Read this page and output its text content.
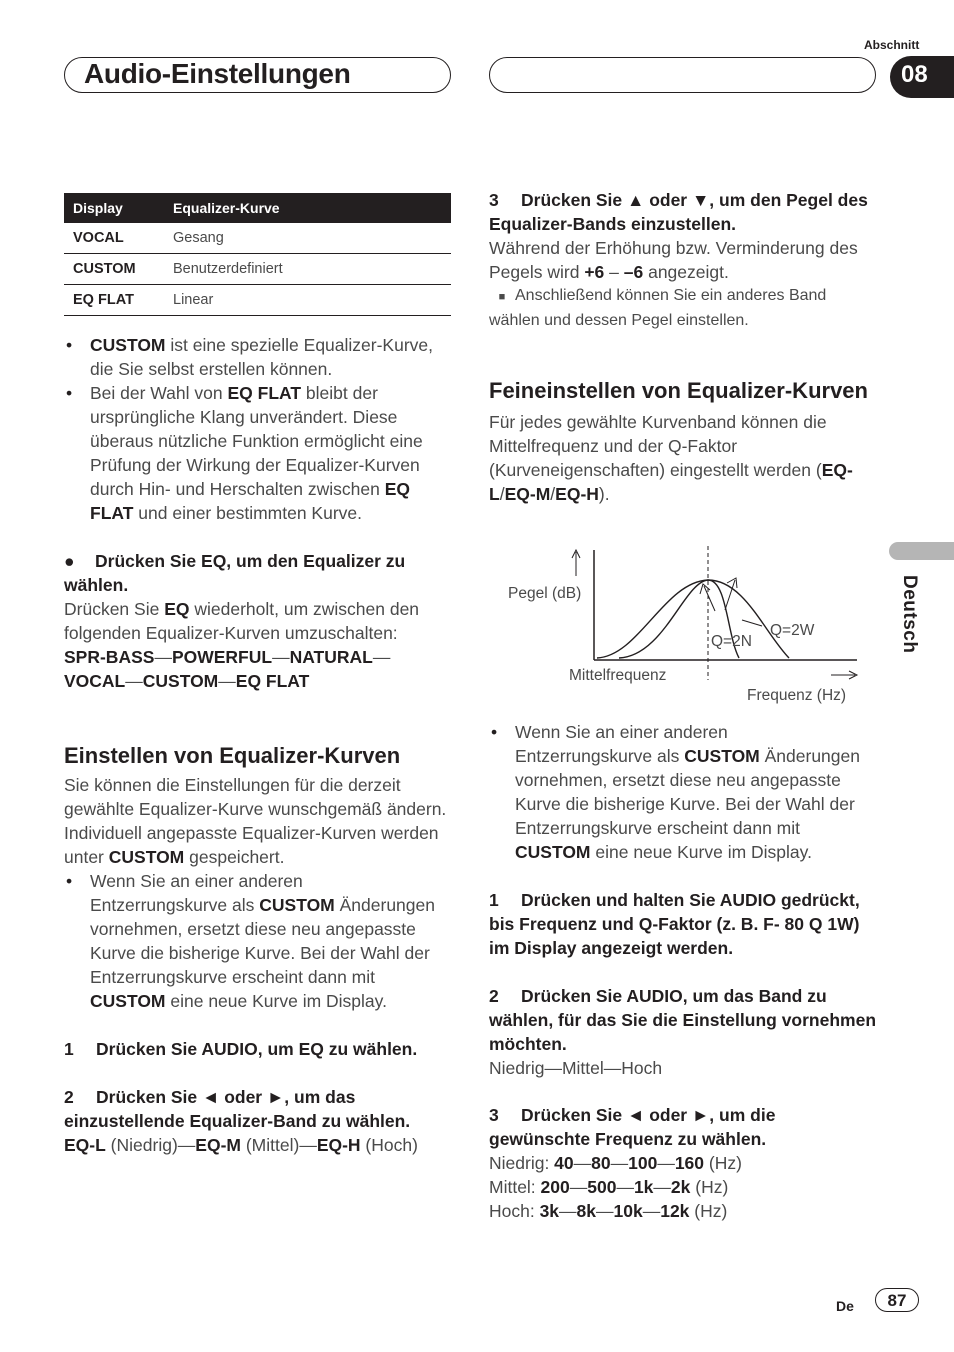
Audio-Einstellungen
Abschnitt
08
Deutsch
Display	Equalizer-Kurve
VOCAL	Gesang
CUSTOM	Benutzerdefiniert
EQ FLAT	Linear

• CUSTOM ist eine spezielle Equalizer-Kurve, die Sie selbst erstellen können.

• Bei der Wahl von EQ FLAT bleibt der ursprüngliche Klang unverändert. Diese überaus nützliche Funktion ermöglicht eine Prüfung der Wirkung der Equalizer-Kurven durch Hin- und Herschalten zwischen EQ FLAT und einer bestimmten Kurve.

● Drücken Sie EQ, um den Equalizer zu wählen.

Drücken Sie EQ wiederholt, um zwischen den folgenden Equalizer-Kurven umzuschalten:

SPR-BASS—POWERFUL—NATURAL—
VOCAL—CUSTOM—EQ FLAT

Einstellen von Equalizer-Kurven

Sie können die Einstellungen für die derzeit gewählte Equalizer-Kurve wunschgemäß ändern. Individuell angepasste Equalizer-Kurven werden unter CUSTOM gespeichert.

• Wenn Sie an einer anderen Entzerrungskurve als CUSTOM Änderungen vornehmen, ersetzt diese neu angepasste Kurve die bisherige Kurve. Bei der Wahl der Entzerrungskurve erscheint dann mit CUSTOM eine neue Kurve im Display.

1 Drücken Sie AUDIO, um EQ zu wählen.

2 Drücken Sie ◄ oder ►, um das einzustellende Equalizer-Band zu wählen.

EQ-L (Niedrig)—EQ-M (Mittel)—EQ-H (Hoch)

3 Drücken Sie ▲ oder ▼, um den Pegel des Equalizer-Bands einzustellen.

Während der Erhöhung bzw. Verminderung des Pegels wird +6 – –6 angezeigt.

■ Anschließend können Sie ein anderes Band wählen und dessen Pegel einstellen.

Feineinstellen von Equalizer-Kurven

Für jedes gewählte Kurvenband können die Mittelfrequenz und der Q-Faktor (Kurveneigenschaften) eingestellt werden (EQ-L/EQ-M/EQ-H).

Pegel (dB)
Q=2N
Q=2W
Mittelfrequenz
Frequenz (Hz)

• Wenn Sie an einer anderen Entzerrungskurve als CUSTOM Änderungen vornehmen, ersetzt diese neu angepasste Kurve die bisherige Kurve. Bei der Wahl der Entzerrungskurve erscheint dann mit CUSTOM eine neue Kurve im Display.

1 Drücken und halten Sie AUDIO gedrückt, bis Frequenz und Q-Faktor (z. B. F- 80 Q 1W) im Display angezeigt werden.

2 Drücken Sie AUDIO, um das Band zu wählen, für das Sie die Einstellung vornehmen möchten.

Niedrig—Mittel—Hoch

3 Drücken Sie ◄ oder ►, um die gewünschte Frequenz zu wählen.

Niedrig: 40—80—100—160 (Hz)

Mittel: 200—500—1k—2k (Hz)

Hoch: 3k—8k—10k—12k (Hz)

De	87
